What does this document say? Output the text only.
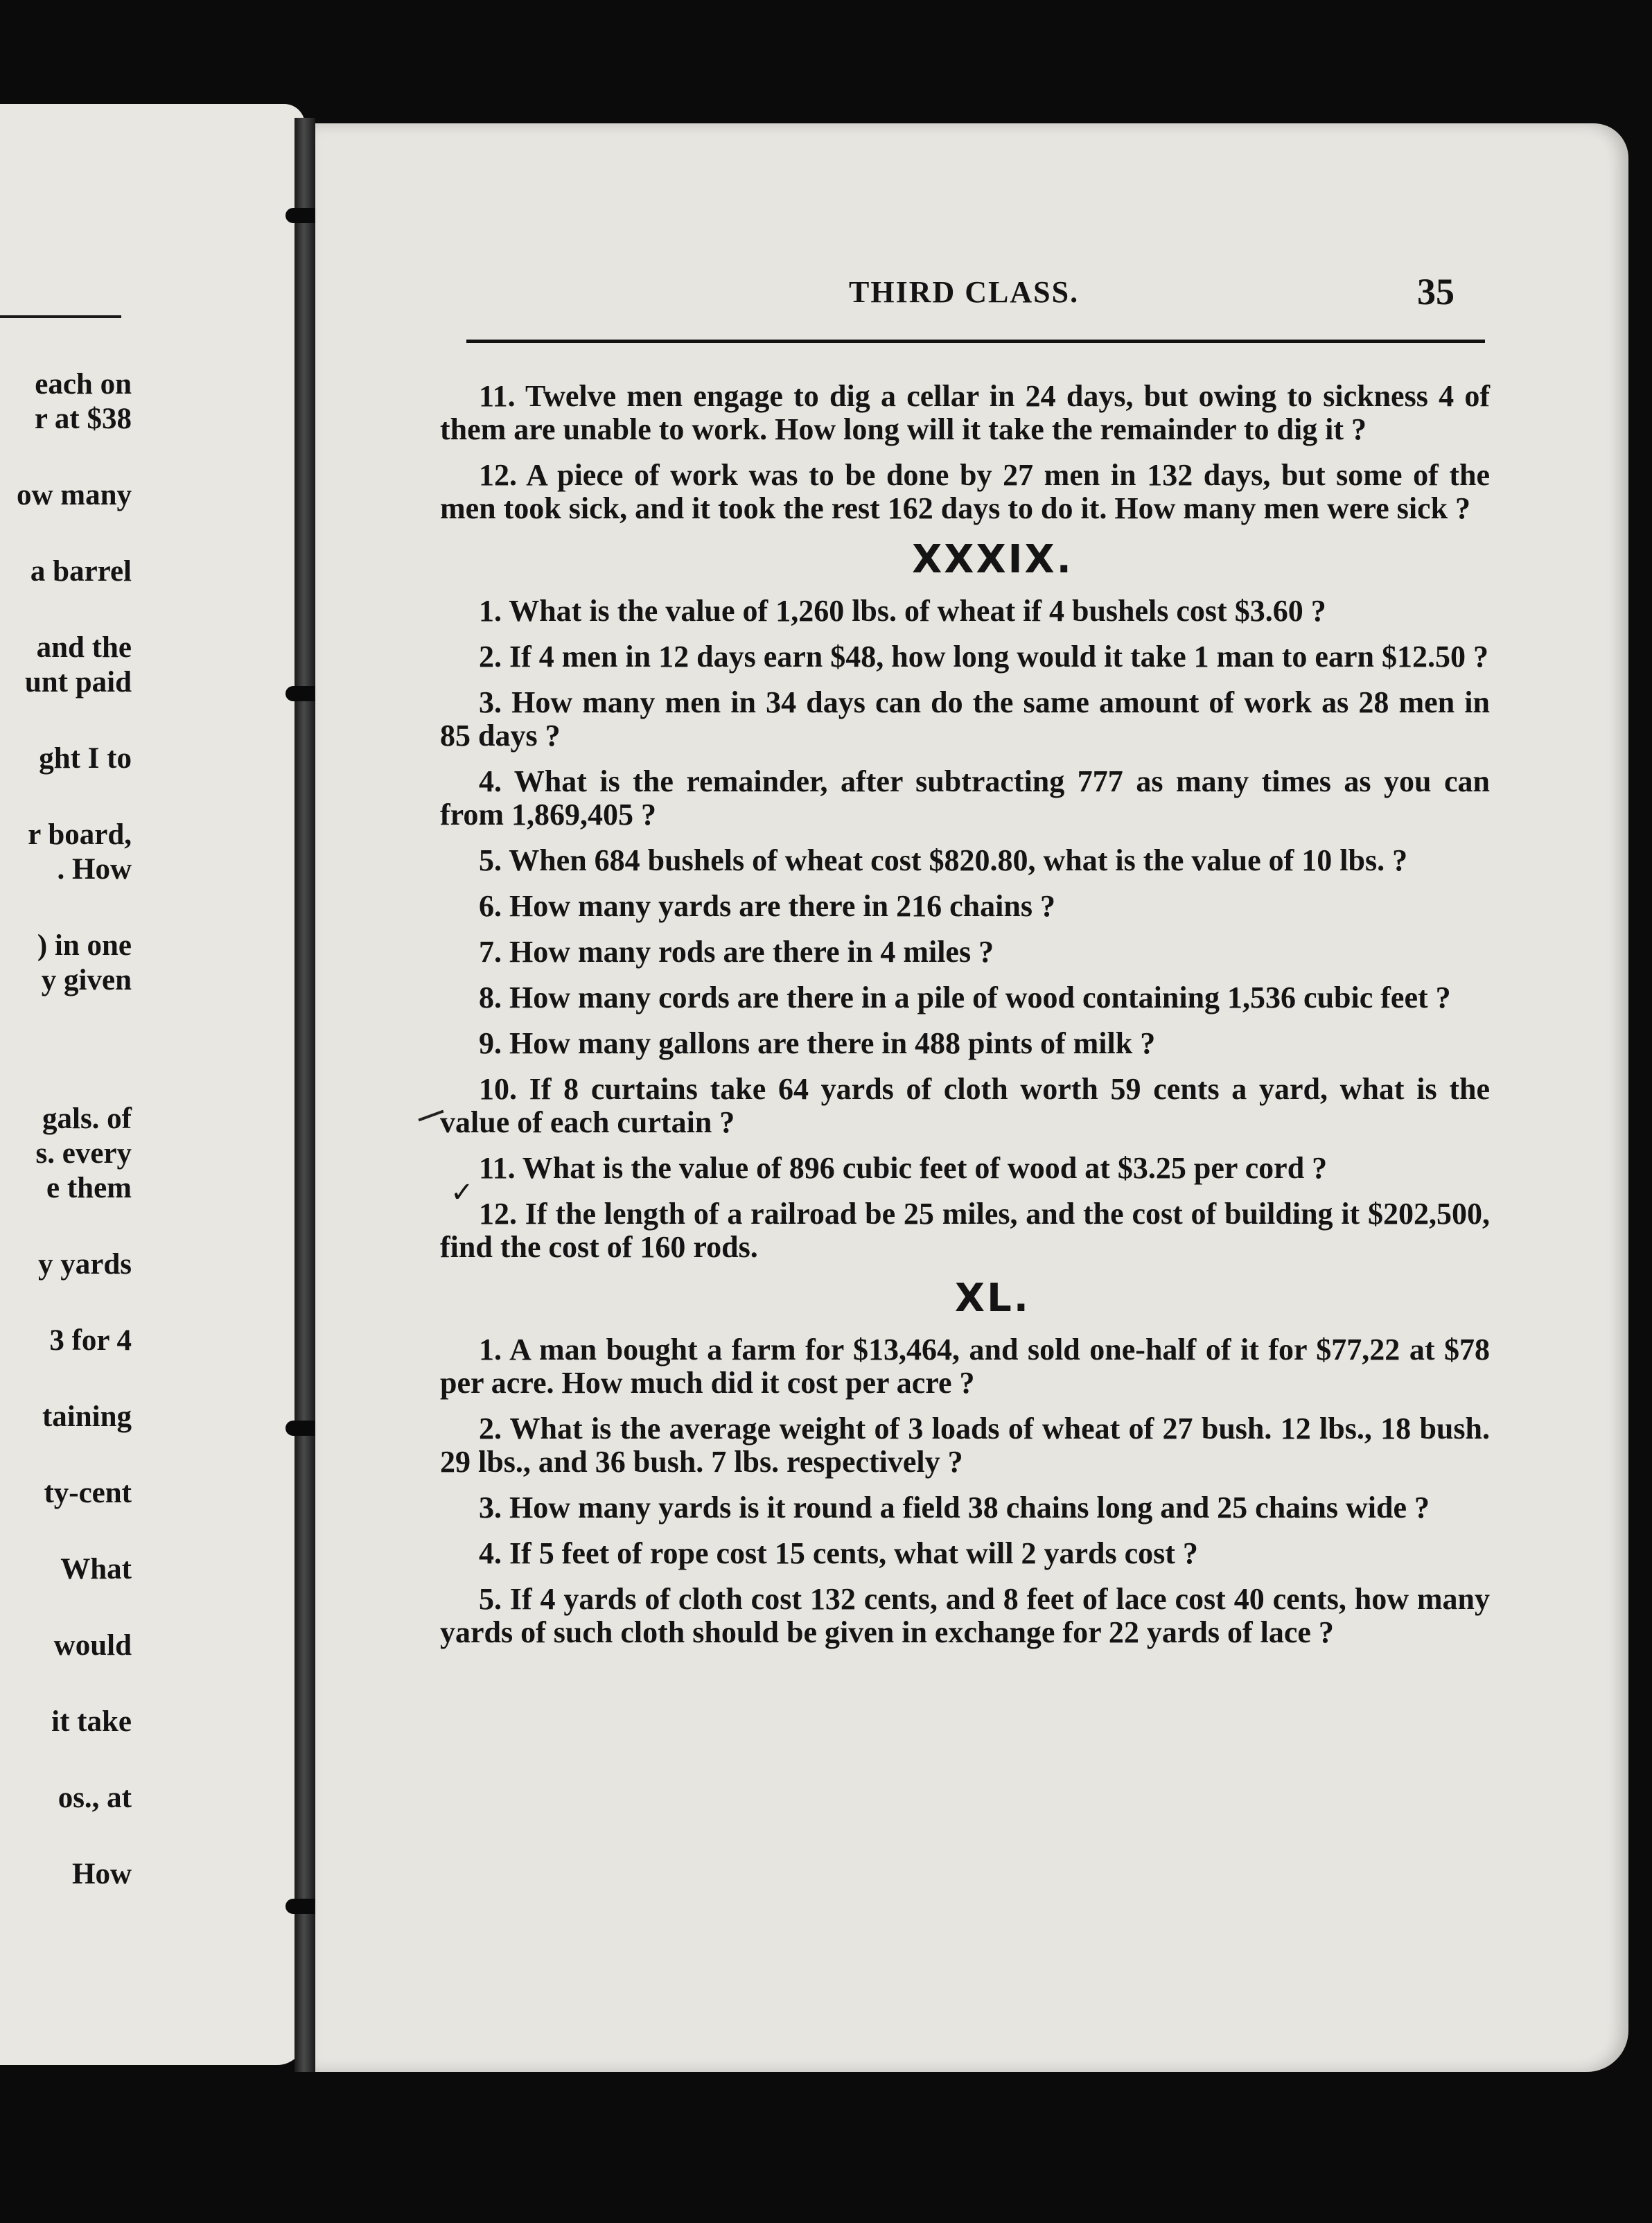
each on
r at $38
ow many
a barrel
and the
unt paid
ght I to
r board,
. How
) in one
y given
gals. of
s. every
e them
y yards
3 for 4
taining
ty-cent
What
would
it take
os., at
How
THIRD CLASS.	35
✓

11. Twelve men engage to dig a cellar in 24 days, but owing to sickness 4 of them are unable to work. How long will it take the remainder to dig it ?

12. A piece of work was to be done by 27 men in 132 days, but some of the men took sick, and it took the rest 162 days to do it. How many men were sick ?

XXXIX.

1. What is the value of 1,260 lbs. of wheat if 4 bushels cost $3.60 ?

2. If 4 men in 12 days earn $48, how long would it take 1 man to earn $12.50 ?

3. How many men in 34 days can do the same amount of work as 28 men in 85 days ?

4. What is the remainder, after subtracting 777 as many times as you can from 1,869,405 ?

5. When 684 bushels of wheat cost $820.80, what is the value of 10 lbs. ?

6. How many yards are there in 216 chains ?

7. How many rods are there in 4 miles ?

8. How many cords are there in a pile of wood containing 1,536 cubic feet ?

9. How many gallons are there in 488 pints of milk ?

10. If 8 curtains take 64 yards of cloth worth 59 cents a yard, what is the value of each curtain ?

11. What is the value of 896 cubic feet of wood at $3.25 per cord ?

12. If the length of a railroad be 25 miles, and the cost of building it $202,500, find the cost of 160 rods.

XL.

1. A man bought a farm for $13,464, and sold one-half of it for $77,22 at $78 per acre. How much did it cost per acre ?

2. What is the average weight of 3 loads of wheat of 27 bush. 12 lbs., 18 bush. 29 lbs., and 36 bush. 7 lbs. respectively ?

3. How many yards is it round a field 38 chains long and 25 chains wide ?

4. If 5 feet of rope cost 15 cents, what will 2 yards cost ?

5. If 4 yards of cloth cost 132 cents, and 8 feet of lace cost 40 cents, how many yards of such cloth should be given in exchange for 22 yards of lace ?
